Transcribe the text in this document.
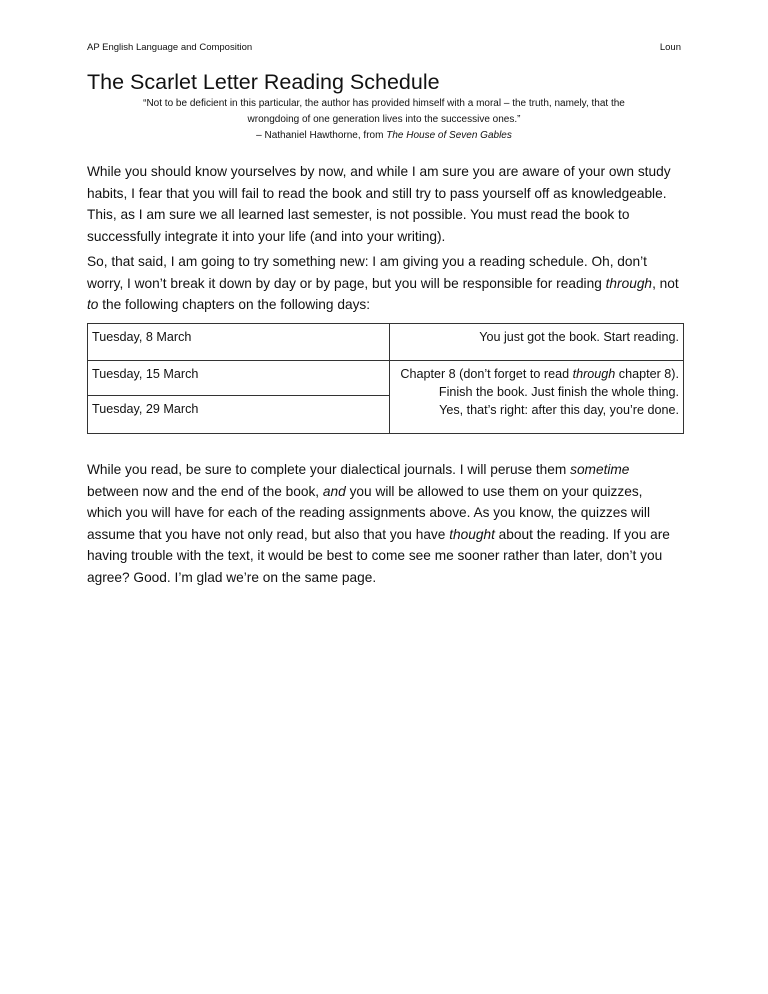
AP English Language and Composition	Loun
The Scarlet Letter Reading Schedule
“Not to be deficient in this particular, the author has provided himself with a moral – the truth, namely, that the
wrongdoing of one generation lives into the successive ones.”
– Nathaniel Hawthorne, from The House of Seven Gables

While you should know yourselves by now, and while I am sure you are aware of your own study habits, I fear that you will fail to read the book and still try to pass yourself off as knowledgeable. This, as I am sure we all learned last semester, is not possible. You must read the book to successfully integrate it into your life (and into your writing).

So, that said, I am going to try something new: I am giving you a reading schedule. Oh, don’t worry, I won’t break it down by day or by page, but you will be responsible for reading through, not to the following chapters on the following days:

Tuesday, 8 March	You just got the book. Start reading.
Tuesday, 15 March	Chapter 8 (don’t forget to read through chapter 8).
Finish the book. Just finish the whole thing.
Yes, that’s right: after this day, you’re done.
Tuesday, 29 March	

While you read, be sure to complete your dialectical journals. I will peruse them sometime between now and the end of the book, and you will be allowed to use them on your quizzes, which you will have for each of the reading assignments above. As you know, the quizzes will assume that you have not only read, but also that you have thought about the reading. If you are having trouble with the text, it would be best to come see me sooner rather than later, don’t you agree? Good. I’m glad we’re on the same page.
